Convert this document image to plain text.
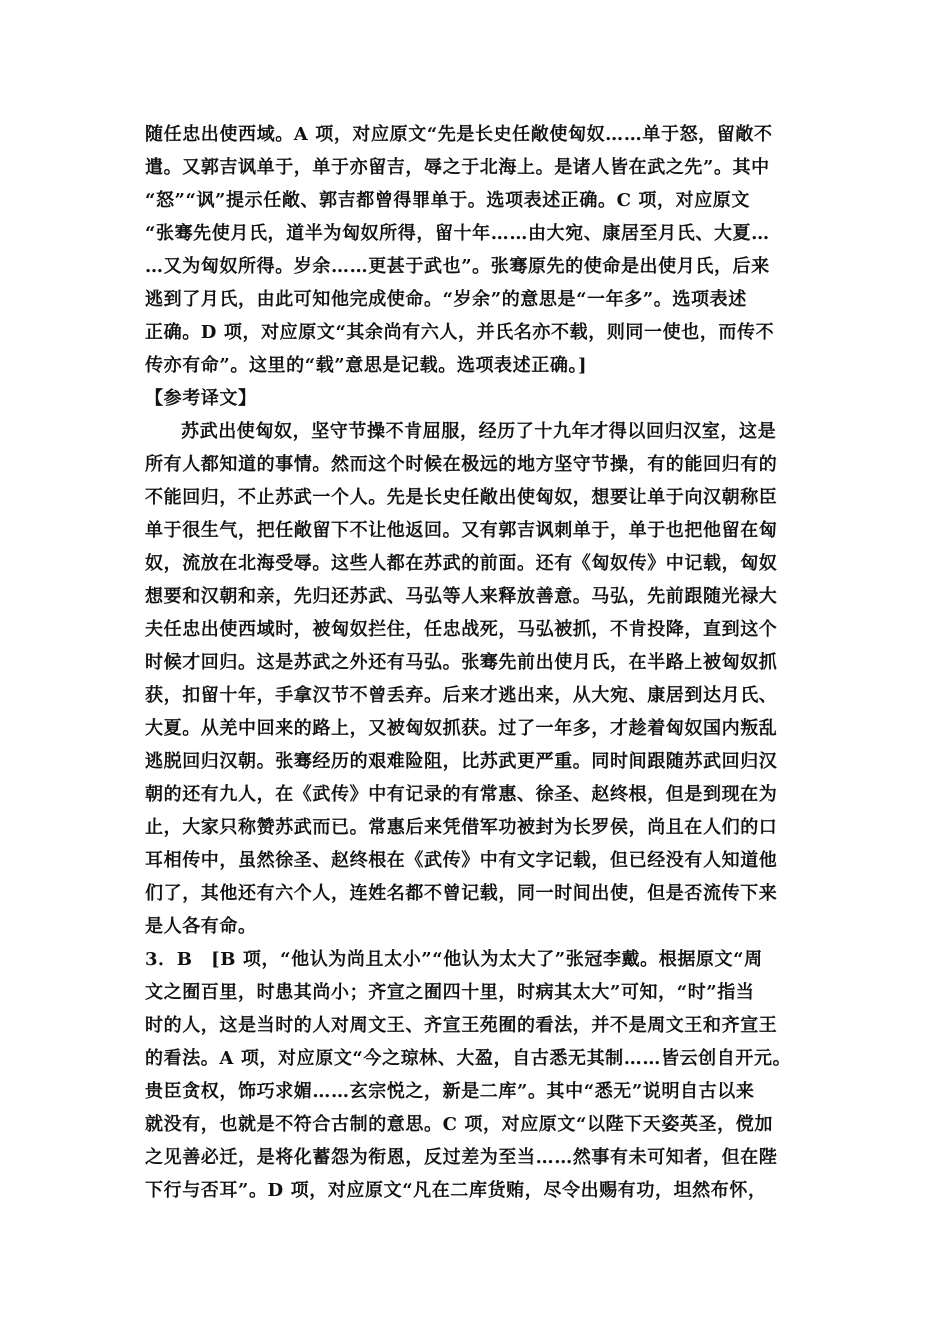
随任忠出使西域。A 项，对应原文“先是长史任敞使匈奴……单于怒，留敞不
遣。又郭吉讽单于，单于亦留吉，辱之于北海上。是诸人皆在武之先”。其中
“怒”“讽”提示任敞、郭吉都曾得罪单于。选项表述正确。C 项，对应原文
“张骞先使月氏，道半为匈奴所得，留十年……由大宛、康居至月氏、大夏…
…又为匈奴所得。岁余……更甚于武也”。张骞原先的使命是出使月氏，后来
逃到了月氏，由此可知他完成使命。“岁余”的意思是“一年多”。选项表述
正确。D 项，对应原文“其余尚有六人，并氏名亦不载，则同一使也，而传不
传亦有命”。这里的“载”意思是记载。选项表述正确。]
【参考译文】
苏武出使匈奴，坚守节操不肯屈服，经历了十九年才得以回归汉室，这是
所有人都知道的事情。然而这个时候在极远的地方坚守节操，有的能回归有的
不能回归，不止苏武一个人。先是长史任敞出使匈奴，想要让单于向汉朝称臣
单于很生气，把任敞留下不让他返回。又有郭吉讽刺单于，单于也把他留在匈
奴，流放在北海受辱。这些人都在苏武的前面。还有《匈奴传》中记载，匈奴
想要和汉朝和亲，先归还苏武、马弘等人来释放善意。马弘，先前跟随光禄大
夫任忠出使西域时，被匈奴拦住，任忠战死，马弘被抓，不肯投降，直到这个
时候才回归。这是苏武之外还有马弘。张骞先前出使月氏，在半路上被匈奴抓
获，扣留十年，手拿汉节不曾丢弃。后来才逃出来，从大宛、康居到达月氏、
大夏。从羌中回来的路上，又被匈奴抓获。过了一年多，才趁着匈奴国内叛乱
逃脱回归汉朝。张骞经历的艰难险阻，比苏武更严重。同时间跟随苏武回归汉
朝的还有九人，在《武传》中有记录的有常惠、徐圣、赵终根，但是到现在为
止，大家只称赞苏武而已。常惠后来凭借军功被封为长罗侯，尚且在人们的口
耳相传中，虽然徐圣、赵终根在《武传》中有文字记载，但已经没有人知道他
们了，其他还有六个人，连姓名都不曾记载，同一时间出使，但是否流传下来
是人各有命。
3．B　[B 项，“他认为尚且太小”“他认为太大了”张冠李戴。根据原文“周
文之囿百里，时患其尚小；齐宣之囿四十里，时病其太大”可知，“时”指当
时的人，这是当时的人对周文王、齐宣王苑囿的看法，并不是周文王和齐宣王
的看法。A 项，对应原文“今之琼林、大盈，自古悉无其制……皆云创自开元。
贵臣贪权，饰巧求媚……玄宗悦之，新是二库”。其中“悉无”说明自古以来
就没有，也就是不符合古制的意思。C 项，对应原文“以陛下天姿英圣，傥加
之见善必迁，是将化蓄怨为衔恩，反过差为至当……然事有未可知者，但在陛
下行与否耳”。D 项，对应原文“凡在二库货贿，尽令出赐有功，坦然布怀，
